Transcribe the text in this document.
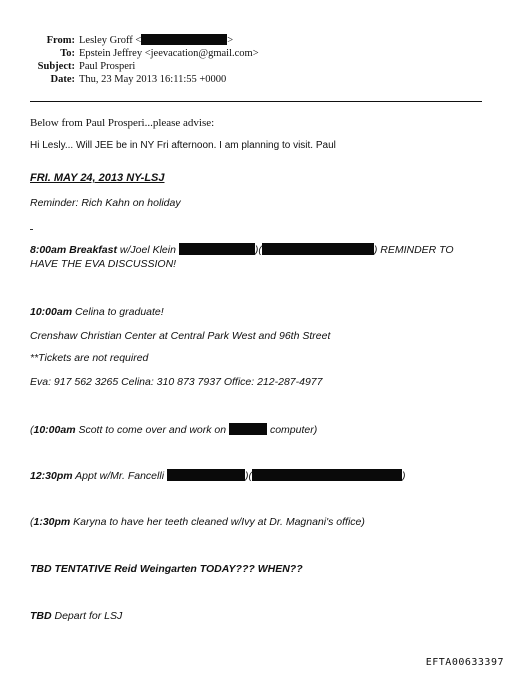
From: Lesley Groff <	>
To: Epstein Jeffrey <jeevacation@gmail.com>
Subject: Paul Prosperi
Date: Thu, 23 May 2013 16:11:55 +0000
Below from Paul Prosperi...please advise:
Hi Lesly... Will JEE be in NY Fri afternoon. I am planning to visit. Paul
FRI. MAY 24, 2013 NY-LSJ
Reminder: Rich Kahn on holiday
8:00am Breakfast w/Joel Klein	)(	) REMINDER TO
HAVE THE EVA DISCUSSION!
10:00am Celina to graduate!
Crenshaw Christian Center at Central Park West and 96th Street
**Tickets are not required
Eva: 917 562 3265 Celina: 310 873 7937 Office: 212-287-4977
(10:00am Scott to come over and work on	computer)
12:30pm Appt w/Mr. Fancelli	)(	)
(1:30pm Karyna to have her teeth cleaned w/Ivy at Dr. Magnani's office)
TBD TENTATIVE Reid Weingarten TODAY??? WHEN??
TBD Depart for LSJ
EFTA00633397
